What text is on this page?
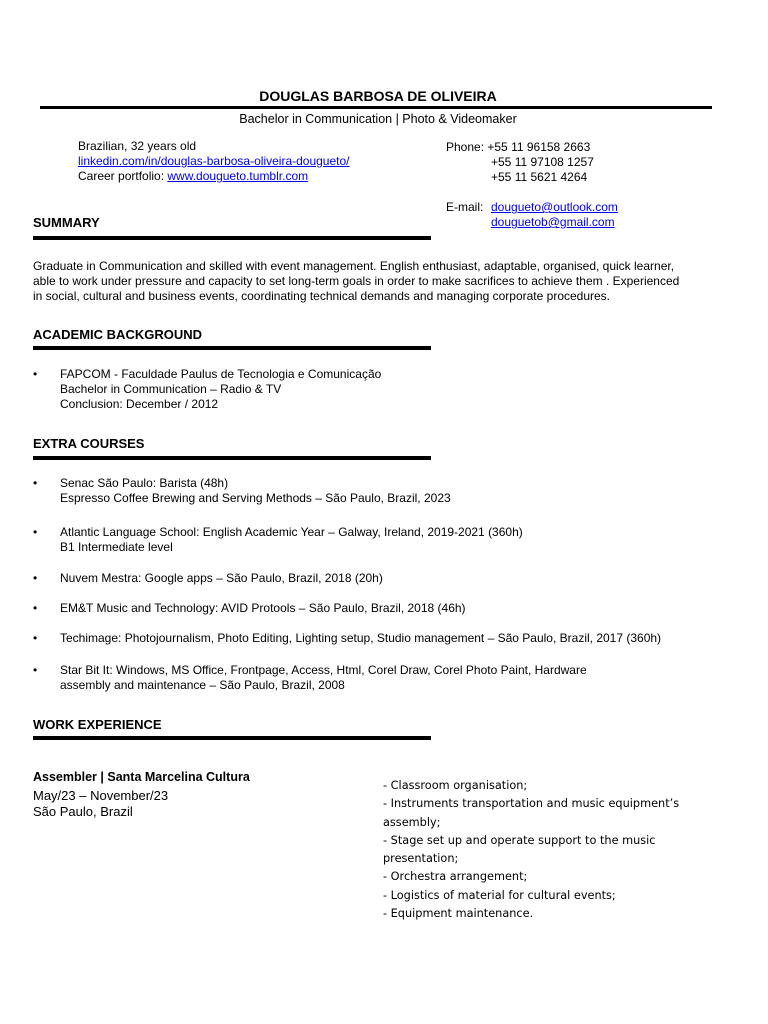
DOUGLAS BARBOSA DE OLIVEIRA
Bachelor in Communication | Photo & Videomaker
Brazilian, 32 years old
linkedin.com/in/douglas-barbosa-oliveira-dougueto/
Career portfolio: www.dougueto.tumblr.com
Phone: +55 11 96158 2663
+55 11 97108 1257
+55 11 5621 4264
E-mail: dougueto@outlook.com
douguetob@gmail.com
SUMMARY
Graduate in Communication and skilled with event management. English enthusiast, adaptable, organised, quick learner,
able to work under pressure and capacity to set long-term goals in order to make sacrifices to achieve them . Experienced
in social, cultural and business events, coordinating technical demands and managing corporate procedures.
ACADEMIC BACKGROUND
• FAPCOM - Faculdade Paulus de Tecnologia e Comunicação
Bachelor in Communication – Radio & TV
Conclusion: December / 2012
EXTRA COURSES
• Senac São Paulo: Barista (48h)
Espresso Coffee Brewing and Serving Methods – São Paulo, Brazil, 2023
• Atlantic Language School: English Academic Year – Galway, Ireland, 2019-2021 (360h)
B1 Intermediate level
• Nuvem Mestra: Google apps – São Paulo, Brazil, 2018 (20h)
• EM&T Music and Technology: AVID Protools – São Paulo, Brazil, 2018 (46h)
• Techimage: Photojournalism, Photo Editing, Lighting setup, Studio management – São Paulo, Brazil, 2017 (360h)
• Star Bit It: Windows, MS Office, Frontpage, Access, Html, Corel Draw, Corel Photo Paint, Hardware
assembly and maintenance – São Paulo, Brazil, 2008
WORK EXPERIENCE
Assembler | Santa Marcelina Cultura
May/23 – November/23
São Paulo, Brazil
- Classroom organisation;
- Instruments transportation and music equipment’s assembly;
- Stage set up and operate support to the music presentation;
- Orchestra arrangement;
- Logistics of material for cultural events;
- Equipment maintenance.
